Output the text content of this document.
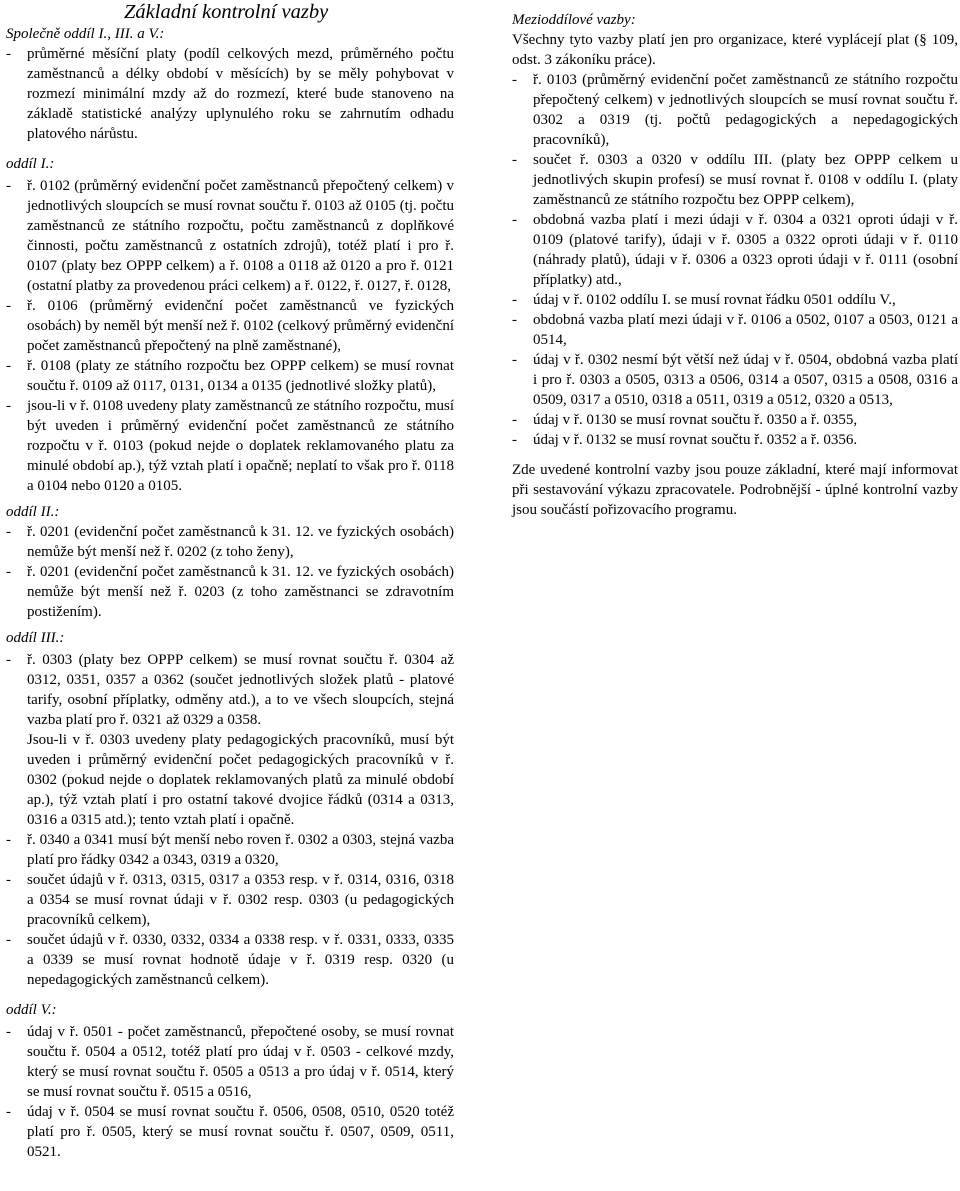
Základní kontrolní vazby

Společně oddíl I., III. a V.:

- průměrné měsíční platy (podíl celkových mezd, průměrného počtu zaměstnanců a délky období v měsících) by se měly pohybovat v rozmezí minimální mzdy až do rozmezí, které bude stanoveno na základě statistické analýzy uplynulého roku se zahrnutím odhadu platového nárůstu.

oddíl I.:

- ř. 0102 (průměrný evidenční počet zaměstnanců přepočtený celkem) v jednotlivých sloupcích se musí rovnat součtu ř. 0103 až 0105 (tj. počtu zaměstnanců ze státního rozpočtu, počtu zaměstnanců z doplňkové činnosti, počtu zaměstnanců z ostatních zdrojů), totéž platí i pro ř. 0107 (platy bez OPPP celkem) a ř. 0108 a 0118 až 0120 a pro ř. 0121 (ostatní platby za provedenou práci celkem) a ř. 0122, ř. 0127, ř. 0128,
- ř. 0106 (průměrný evidenční počet zaměstnanců ve fyzických osobách) by neměl být menší než ř. 0102 (celkový průměrný evidenční počet zaměstnanců přepočtený na plně zaměstnané),
- ř. 0108 (platy ze státního rozpočtu bez OPPP celkem) se musí rovnat součtu ř. 0109 až 0117, 0131, 0134 a 0135 (jednotlivé složky platů),
- jsou-li v ř. 0108 uvedeny platy zaměstnanců ze státního rozpočtu, musí být uveden i průměrný evidenční počet zaměstnanců ze státního rozpočtu v ř. 0103 (pokud nejde o doplatek reklamovaného platu za minulé období ap.), týž vztah platí i opačně; neplatí to však pro ř. 0118 a 0104 nebo 0120 a 0105.

oddíl II.:

- ř. 0201 (evidenční počet zaměstnanců k 31. 12. ve fyzických osobách) nemůže být menší než ř. 0202 (z toho ženy),
- ř. 0201 (evidenční počet zaměstnanců k 31. 12. ve fyzických osobách) nemůže být menší než ř. 0203 (z toho zaměstnanci se zdravotním postižením).

oddíl III.:

- ř. 0303 (platy bez OPPP celkem) se musí rovnat součtu ř. 0304 až 0312, 0351, 0357 a 0362 (součet jednotlivých složek platů - platové tarify, osobní příplatky, odměny atd.), a to ve všech sloupcích, stejná vazba platí pro ř. 0321 až 0329 a 0358.

Jsou-li v ř. 0303 uvedeny platy pedagogických pracovníků, musí být uveden i průměrný evidenční počet pedagogických pracovníků v ř. 0302 (pokud nejde o doplatek reklamovaných platů za minulé období ap.), týž vztah platí i pro ostatní takové dvojice řádků (0314 a 0313, 0316 a 0315 atd.); tento vztah platí i opačně.

- ř. 0340 a 0341 musí být menší nebo roven ř. 0302 a 0303, stejná vazba platí pro řádky 0342 a 0343, 0319 a 0320,
- součet údajů v ř. 0313, 0315, 0317 a 0353 resp. v ř. 0314, 0316, 0318 a 0354 se musí rovnat údaji v ř. 0302 resp. 0303 (u pedagogických pracovníků celkem),
- součet údajů v ř. 0330, 0332, 0334 a 0338 resp. v ř. 0331, 0333, 0335 a 0339 se musí rovnat hodnotě údaje v ř. 0319 resp. 0320 (u nepedagogických zaměstnanců celkem).

oddíl V.:

- údaj v ř. 0501 - počet zaměstnanců, přepočtené osoby, se musí rovnat součtu ř. 0504 a 0512, totéž platí pro údaj v ř. 0503 - celkové mzdy, který se musí rovnat součtu ř. 0505 a 0513 a pro údaj v ř. 0514, který se musí rovnat součtu ř. 0515 a 0516,
- údaj v ř. 0504 se musí rovnat součtu ř. 0506, 0508, 0510, 0520 totéž platí pro ř. 0505, který se musí rovnat součtu ř. 0507, 0509, 0511, 0521.

Mezioddílové vazby:

Všechny tyto vazby platí jen pro organizace, které vyplácejí plat (§ 109, odst. 3 zákoníku práce).

- ř. 0103 (průměrný evidenční počet zaměstnanců ze státního rozpočtu přepočtený celkem) v jednotlivých sloupcích se musí rovnat součtu ř. 0302 a 0319 (tj. počtů pedagogických a nepedagogických pracovníků),
- součet ř. 0303 a 0320 v oddílu III. (platy bez OPPP celkem u jednotlivých skupin profesí) se musí rovnat ř. 0108 v oddílu I. (platy zaměstnanců ze státního rozpočtu bez OPPP celkem),
- obdobná vazba platí i mezi údaji v ř. 0304 a 0321 oproti údaji v ř. 0109 (platové tarify), údaji v ř. 0305 a 0322 oproti údaji v ř. 0110 (náhrady platů), údaji v ř. 0306 a 0323 oproti údaji v ř. 0111 (osobní příplatky) atd.,
- údaj v ř. 0102 oddílu I. se musí rovnat řádku 0501 oddílu V.,
- obdobná vazba platí mezi údaji v ř. 0106 a 0502, 0107 a 0503, 0121 a 0514,
- údaj v ř. 0302 nesmí být větší než údaj v ř. 0504, obdobná vazba platí i pro ř. 0303 a 0505, 0313 a 0506, 0314 a 0507, 0315 a 0508, 0316 a 0509, 0317 a 0510, 0318 a 0511, 0319 a 0512, 0320 a 0513,
- údaj v ř. 0130 se musí rovnat součtu ř. 0350 a ř. 0355,
- údaj v ř. 0132 se musí rovnat součtu ř. 0352 a ř. 0356.

Zde uvedené kontrolní vazby jsou pouze základní, které mají informovat při sestavování výkazu zpracovatele. Podrobnější - úplné kontrolní vazby jsou součástí pořizovacího programu.
